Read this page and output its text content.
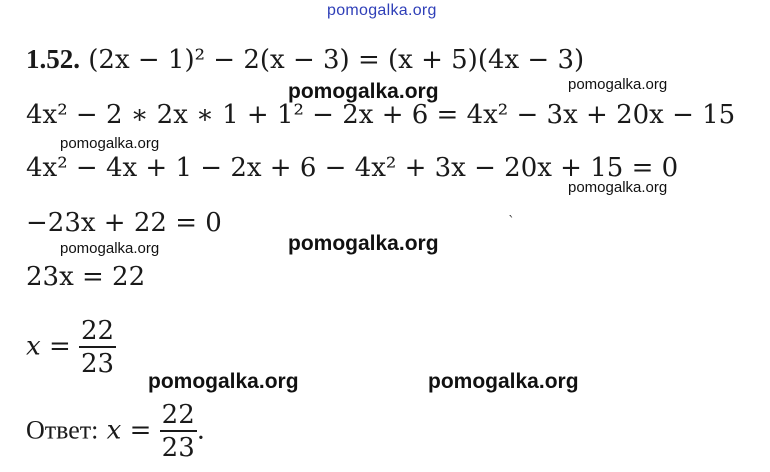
pomogalka.org
1.52. (2x − 1)² − 2(x − 3) = (x + 5)(4x − 3)
pomogalka.org
pomogalka.org
4x² − 2 ∗ 2x ∗ 1 + 1² − 2x + 6 = 4x² − 3x + 20x − 15
pomogalka.org
4x² − 4x + 1 − 2x + 6 − 4x² + 3x − 20x + 15 = 0
pomogalka.org
−23x + 22 = 0	ˋ
pomogalka.org	pomogalka.org
23x = 22
$x = \frac{22}{23}$
pomogalka.org	pomogalka.org
Ответ: $x = \frac{22}{23}$ .
